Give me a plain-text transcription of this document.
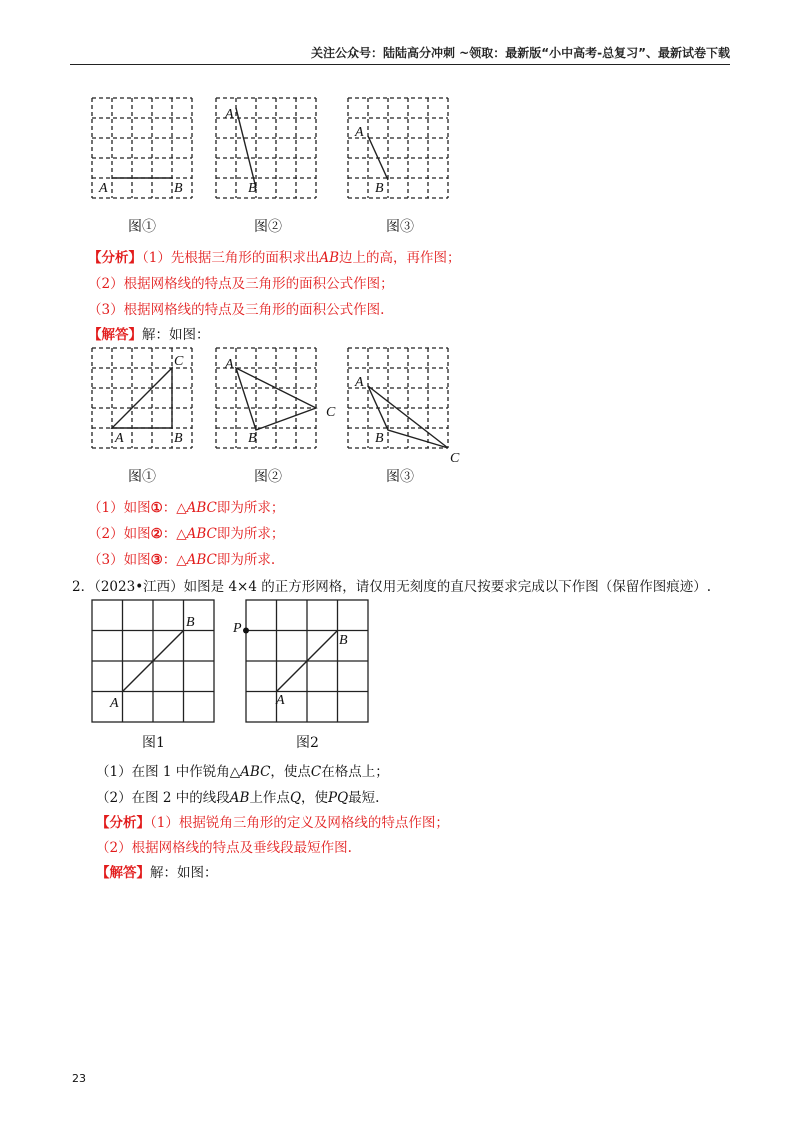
关注公众号：陆陆高分冲刺 ~领取：最新版“小中高考-总复习”、最新试卷下载
A	B
图①
A
B
图②
A
B
图③
【分析】（1）先根据三角形的面积求出AB边上的高，再作图；
（2）根据网格线的特点及三角形的面积公式作图；
（3）根据网格线的特点及三角形的面积公式作图.
【解答】解：如图：
A	B
C
图①
A
B
C
图②
A
B
C
图③
（1）如图①：△ABC即为所求；
（2）如图②：△ABC即为所求；
（3）如图③：△ABC即为所求.
2．（2023•江西）如图是 4×4 的正方形网格，请仅用无刻度的直尺按要求完成以下作图（保留作图痕迹）.
A
B
图1
P
A
B
图2
（1）在图 1 中作锐角△ABC，使点C在格点上；
（2）在图 2 中的线段AB上作点Q，使PQ最短.
【分析】（1）根据锐角三角形的定义及网格线的特点作图；
（2）根据网格线的特点及垂线段最短作图.
【解答】解：如图：
23
